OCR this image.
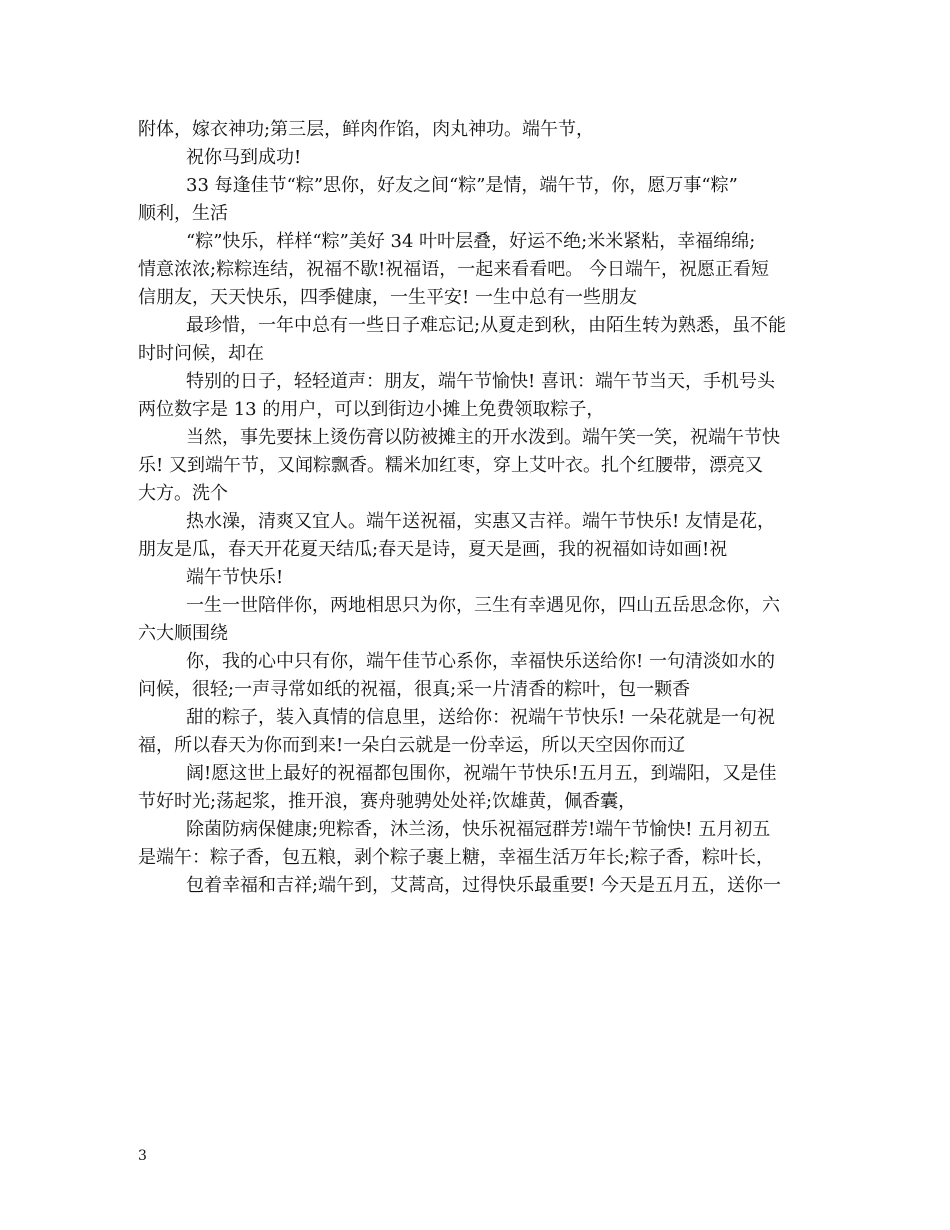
附体，嫁衣神功;第三层，鲜肉作馅，肉丸神功。端午节，
祝你马到成功!
33 每逢佳节“粽”思你，好友之间“粽”是情，端午节，你，愿万事“粽”
顺利，生活
“粽”快乐，样样“粽”美好 34 叶叶层叠，好运不绝;米米紧粘，幸福绵绵;
情意浓浓;粽粽连结，祝福不歇!祝福语，一起来看看吧。 今日端午，祝愿正看短
信朋友，天天快乐，四季健康，一生平安! 一生中总有一些朋友
最珍惜，一年中总有一些日子难忘记;从夏走到秋，由陌生转为熟悉，虽不能
时时问候，却在
特别的日子，轻轻道声：朋友，端午节愉快! 喜讯：端午节当天，手机号头
两位数字是 13 的用户，可以到街边小摊上免费领取粽子，
当然，事先要抹上烫伤膏以防被摊主的开水泼到。端午笑一笑，祝端午节快
乐! 又到端午节，又闻粽飘香。糯米加红枣，穿上艾叶衣。扎个红腰带，漂亮又
大方。洗个
热水澡，清爽又宜人。端午送祝福，实惠又吉祥。端午节快乐! 友情是花，
朋友是瓜，春天开花夏天结瓜;春天是诗，夏天是画，我的祝福如诗如画!祝
端午节快乐!
一生一世陪伴你，两地相思只为你，三生有幸遇见你，四山五岳思念你，六
六大顺围绕
你，我的心中只有你，端午佳节心系你，幸福快乐送给你! 一句清淡如水的
问候，很轻;一声寻常如纸的祝福，很真;采一片清香的粽叶，包一颗香
甜的粽子，装入真情的信息里，送给你：祝端午节快乐! 一朵花就是一句祝
福，所以春天为你而到来!一朵白云就是一份幸运，所以天空因你而辽
阔!愿这世上最好的祝福都包围你，祝端午节快乐!五月五，到端阳，又是佳
节好时光;荡起浆，推开浪，赛舟驰骋处处祥;饮雄黄，佩香囊，
除菌防病保健康;兜粽香，沐兰汤，快乐祝福冠群芳!端午节愉快! 五月初五
是端午：粽子香，包五粮，剥个粽子裹上糖，幸福生活万年长;粽子香，粽叶长，
包着幸福和吉祥;端午到，艾蒿高，过得快乐最重要! 今天是五月五，送你一
3
